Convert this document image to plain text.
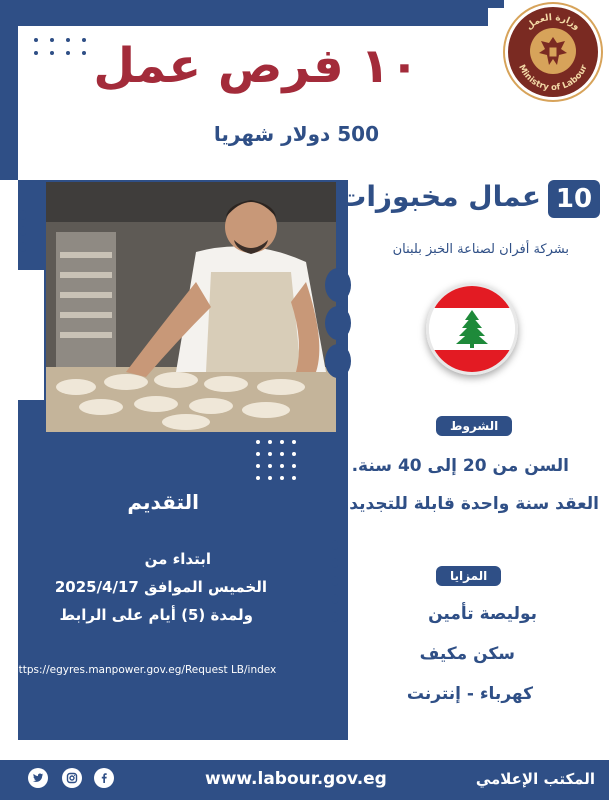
وزارة العمل
Ministry of Labour
١٠ فرص عمل
500 دولار شهريا
10
عمال مخبوزات
بشركة أفران لصناعة الخبز بلبنان
الشروط
السن من 20 إلى 40 سنة.
العقد سنة واحدة قابلة للتجديد.
التقديم
ابتداء من
الخميس الموافق 2025/4/17
ولمدة (5) أيام على الرابط
https://egyres.manpower.gov.eg/Request LB/index
المزايا
بوليصة تأمين
سكن مكيف
كهرباء - إنترنت
www.labour.gov.eg	المكتب الإعلامي
